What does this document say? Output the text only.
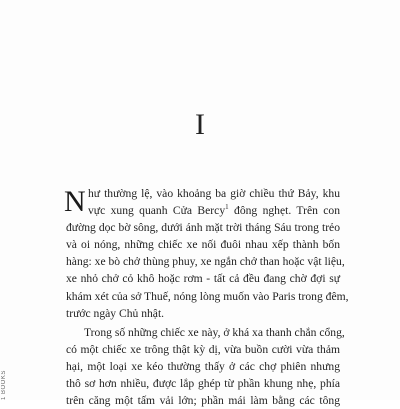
I
N hư thường lệ, vào khoảng ba giờ chiều thứ Bảy, khu
vực xung quanh Cửa Bercy$^1$ đông nghẹt. Trên con
đường dọc bờ sông, dưới ánh mặt trời tháng Sáu trong trẻo
và oi nóng, những chiếc xe nối đuôi nhau xếp thành bốn
hàng: xe bò chở thùng phuy, xe ngắn chở than hoặc vật liệu,
xe nhỏ chở cỏ khô hoặc rơm - tất cả đều đang chờ đợi sự
khám xét của sở Thuế, nóng lòng muốn vào Paris trong đêm,
trước ngày Chủ nhật.
Trong số những chiếc xe này, ở khá xa thanh chắn cổng,
có một chiếc xe trông thật kỳ dị, vừa buồn cười vừa thảm
hại, một loại xe kéo thường thấy ở các chợ phiên nhưng
thô sơ hơn nhiều, được lắp ghép từ phần khung nhẹ, phía
trên căng một tấm vải lớn; phần mái làm bằng các tông
1 BOOKS
